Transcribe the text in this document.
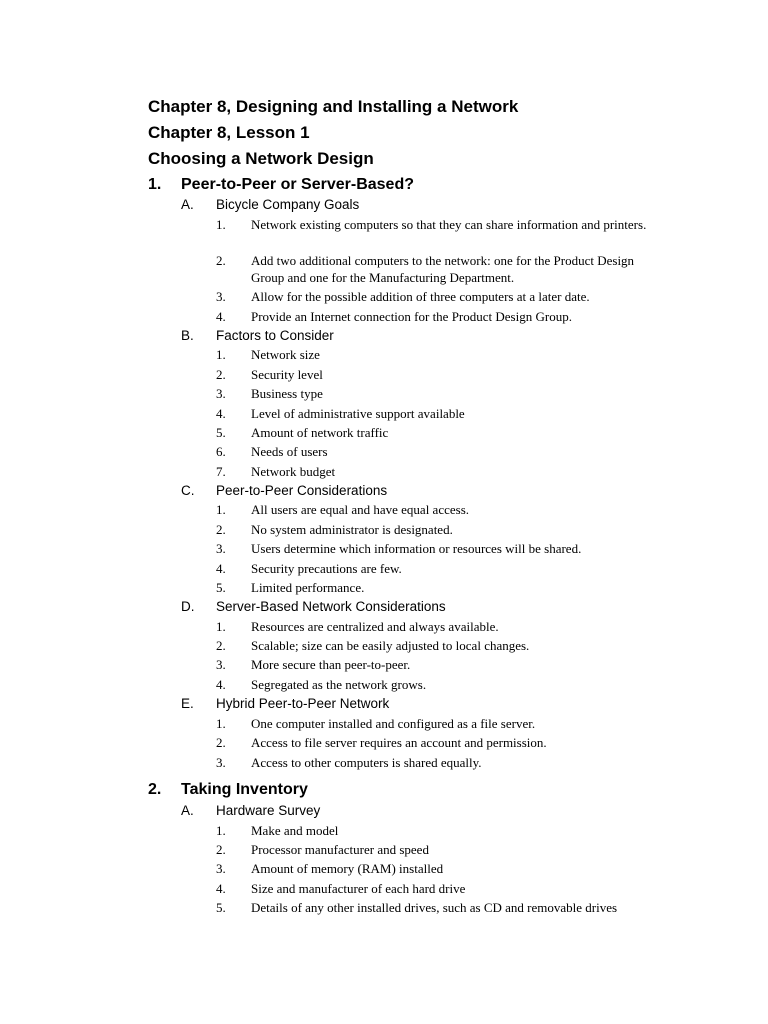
Chapter 8, Designing and Installing a Network
Chapter 8, Lesson 1
Choosing a Network Design
1. Peer-to-Peer or Server-Based?
A. Bicycle Company Goals
1. Network existing computers so that they can share information and printers.
2. Add two additional computers to the network: one for the Product Design Group and one for the Manufacturing Department.
3. Allow for the possible addition of three computers at a later date.
4. Provide an Internet connection for the Product Design Group.
B. Factors to Consider
1. Network size
2. Security level
3. Business type
4. Level of administrative support available
5. Amount of network traffic
6. Needs of users
7. Network budget
C. Peer-to-Peer Considerations
1. All users are equal and have equal access.
2. No system administrator is designated.
3. Users determine which information or resources will be shared.
4. Security precautions are few.
5. Limited performance.
D. Server-Based Network Considerations
1. Resources are centralized and always available.
2. Scalable; size can be easily adjusted to local changes.
3. More secure than peer-to-peer.
4. Segregated as the network grows.
E. Hybrid Peer-to-Peer Network
1. One computer installed and configured as a file server.
2. Access to file server requires an account and permission.
3. Access to other computers is shared equally.
2. Taking Inventory
A. Hardware Survey
1. Make and model
2. Processor manufacturer and speed
3. Amount of memory (RAM) installed
4. Size and manufacturer of each hard drive
5. Details of any other installed drives, such as CD and removable drives
